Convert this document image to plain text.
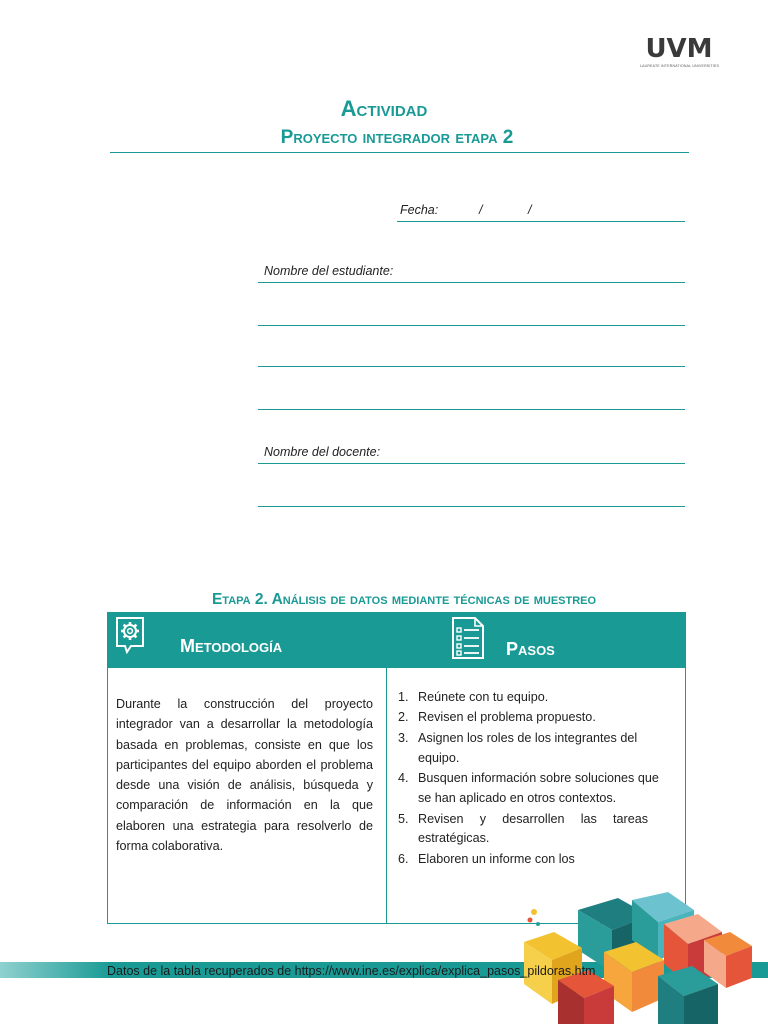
UVM
LAUREATE INTERNATIONAL UNIVERSITIES
Actividad
Proyecto integrador etapa 2
Fecha:	/	/
Nombre del estudiante:
Nombre del docente:
Etapa 2. Análisis de datos mediante técnicas de muestreo
Metodología	Pasos
Durante la construcción del proyecto integrador van a desarrollar la metodología basada en problemas, consiste en que los participantes del equipo aborden el problema desde una visión de análisis, búsqueda y comparación de información en la que elaboren una estrategia para resolverlo de forma colaborativa.
1. Reúnete con tu equipo.
2. Revisen el problema propuesto.
3. Asignen los roles de los integrantes del equipo.
4. Busquen información sobre soluciones que se han aplicado en otros contextos.
5. Revisen y desarrollen las tareas estratégicas.
6. Elaboren un informe con los
Datos de la tabla recuperados de https://www.ine.es/explica/explica_pasos_pildoras.htm
